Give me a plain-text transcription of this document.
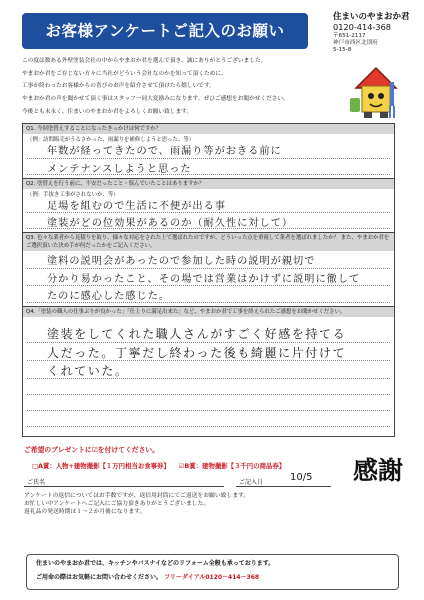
お客様アンケートご記入のお願い
住まいのやまおか君
0120-414-368
〒651-2117
神戸市西区北別府
5-15-8
この度は数ある外壁塗装会社の中からやまおか君を選んで頂き、誠にありがとうございました。
やまおか君をご存じない方々に当社がどういう会社なのかを知って頂くために、
工事が終わったお客様からの喜びのお声を紹介させて頂けたら嬉しいです。
やまおか君の声を聞かせて頂く事はスタッフ一同大変励みになります。ぜひご感想をお聞かせください。
今後とも末永く、住まいのやまおか君をよろしくお願い致します。
Q1. 今回塗替えすることになったきっかけは何ですか？
（例：訪問販売がうるさかった、雨漏りを補修しようと思った、等）
年数が経ってきたので、雨漏り等がおきる前に
メンテナンスしようと思った
Q2. 塗替えを行う前に、不安だったこと・悩んでいたことはありますか？
（例：手抜き工事がされないか、等）
足場を組むので生活に不便が出る事
塗装がどの位効果があるのか（耐久性に対して）
Q3. 色々な業者から見積りを取り、様々な対応をされた上で選ばれたのですが、どういった点を重視して業者を選ばれましたか？ また、やまおか君をご選択頂いた決め手が何だったかをご記入ください。
塗料の説明会があったので参加した時の説明が親切で
分かり易かったこと、その場では営業はかけずに説明に徹して
たのに感心した感じた。
Q4.「塗装の職人の仕事ぶりが良かった」「仕上りに満足出来た」など、やまおか君で工事を終えられたご感想をお聞かせください。
塗装をしてくれた職人さんがすごく好感を持てる
人だった。丁寧だし終わった後も綺麗に片付けて
くれていた。
ご希望のプレゼントに☑を付けてください。
□A賞：人物+建物撮影【１万円相当お食事券】 ☑B賞：建物撮影【３千円の商品券】
ご氏名	ご記入日	10/5 感謝
アンケートの返信についてはお手数ですが、返信用封筒にてご返送をお願い致します。
お忙しい中アンケートへご記入にご協力頂きありがとうございました。
返礼品の発送時期は１〜２か月後になります。
住まいのやまおか君では、キッチンやバスナイなどのリフォーム全般も承っております。
ご用命の際はお気軽にお問い合わせください。 フリーダイアル0120－414－368
